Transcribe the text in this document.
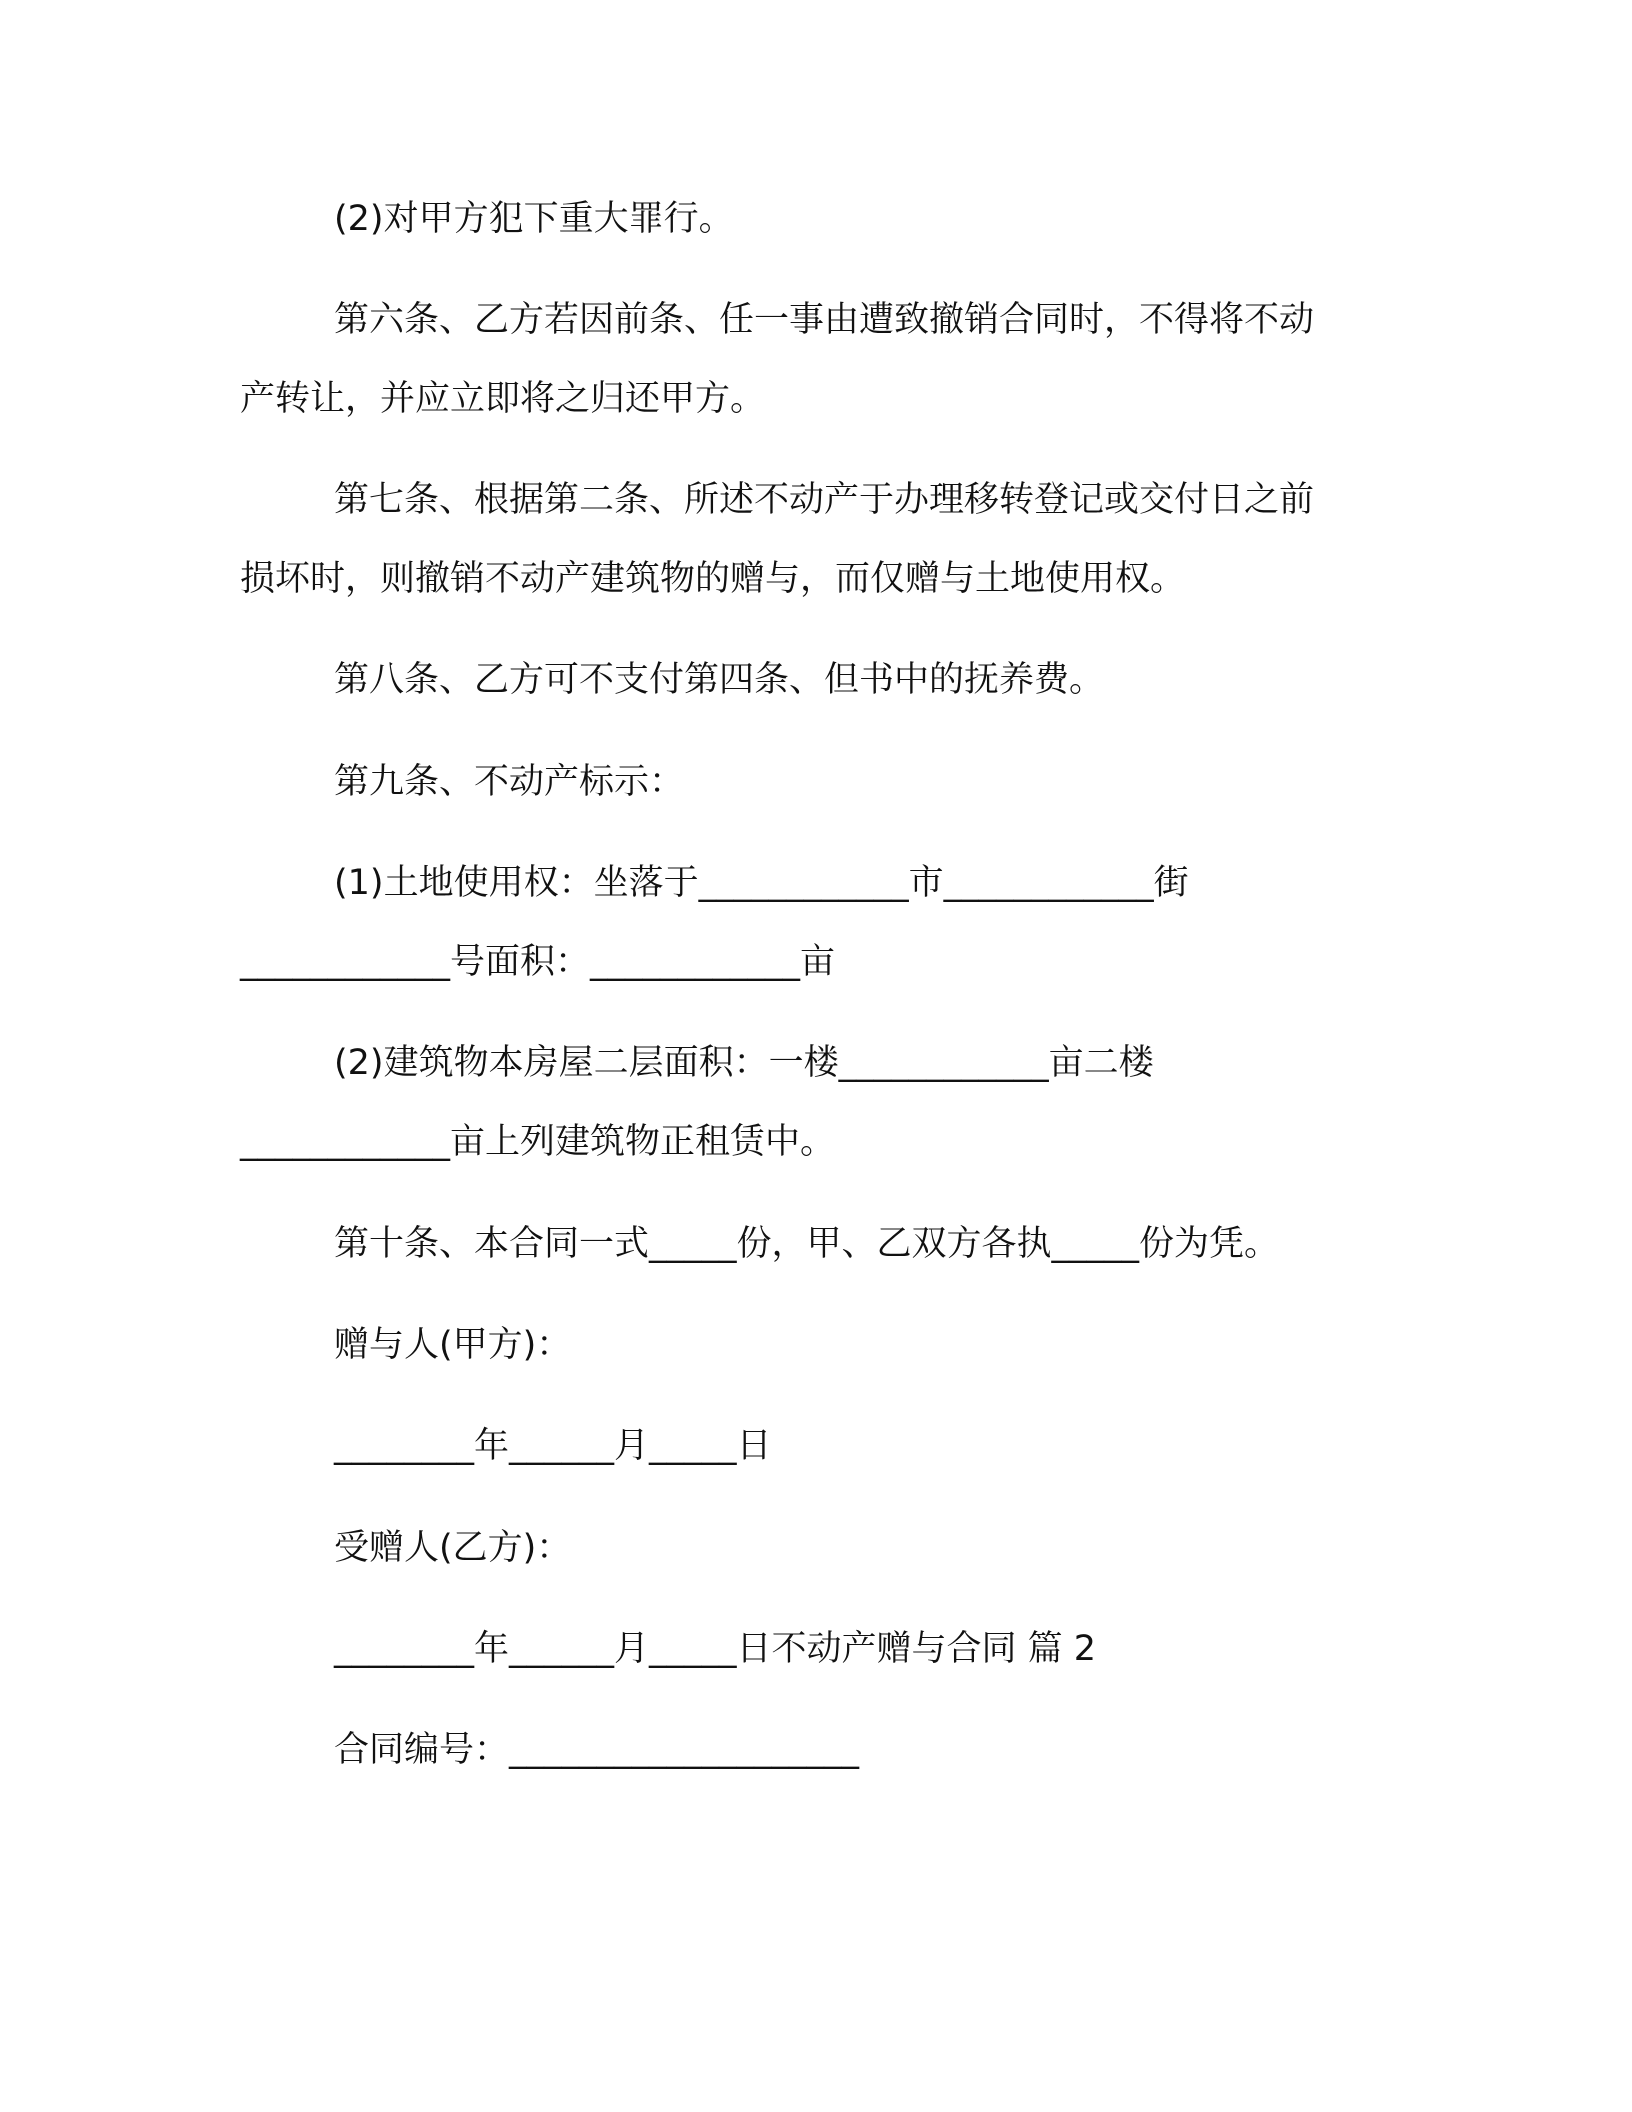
(2)对甲方犯下重大罪行。
第六条、乙方若因前条、任一事由遭致撤销合同时，不得将不动
产转让，并应立即将之归还甲方。
第七条、根据第二条、所述不动产于办理移转登记或交付日之前
损坏时，则撤销不动产建筑物的赠与，而仅赠与土地使用权。
第八条、乙方可不支付第四条、但书中的抚养费。
第九条、不动产标示：
(1)土地使用权：坐落于____________市____________街
____________号面积：____________亩
(2)建筑物本房屋二层面积：一楼____________亩二楼
____________亩上列建筑物正租赁中。
第十条、本合同一式_____份，甲、乙双方各执_____份为凭。
赠与人(甲方)：
________年______月_____日
受赠人(乙方)：
________年______月_____日不动产赠与合同 篇 2
合同编号：____________________
